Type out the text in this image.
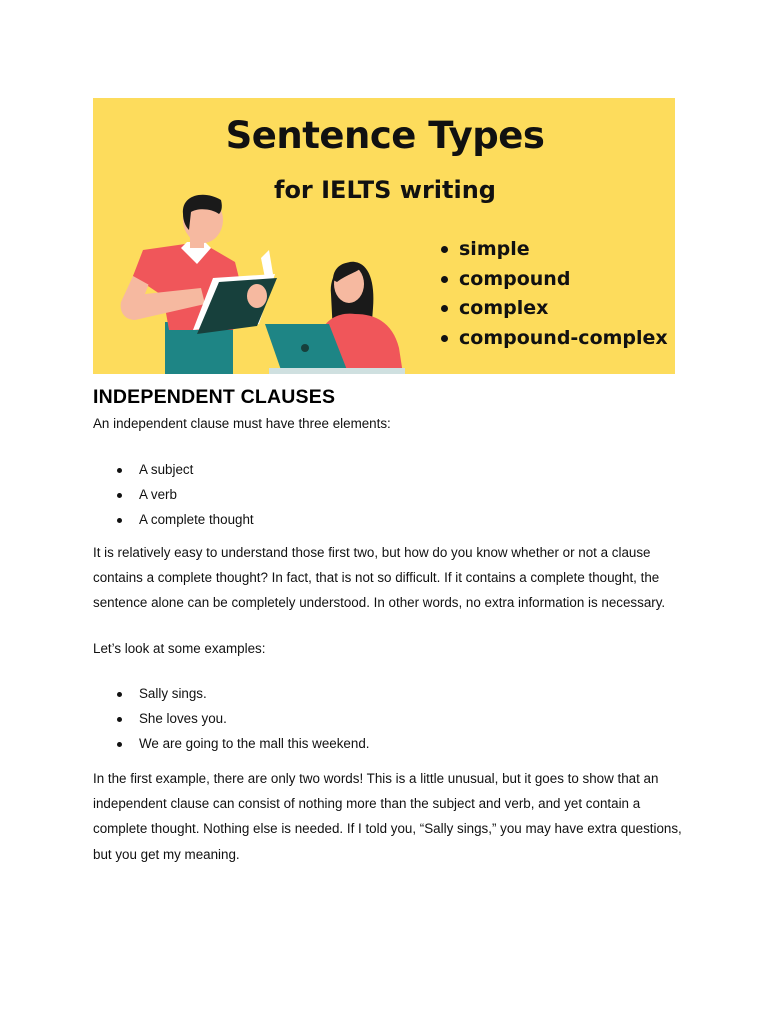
Sentence Types
for IELTS writing
simple
compound
complex
compound-complex
INDEPENDENT CLAUSES

An independent clause must have three elements:

A subject
A verb
A complete thought

It is relatively easy to understand those first two, but how do you know whether or not a clause contains a complete thought? In fact, that is not so difficult. If it contains a complete thought, the sentence alone can be completely understood. In other words, no extra information is necessary.

Let’s look at some examples:

Sally sings.
She loves you.
We are going to the mall this weekend.

In the first example, there are only two words! This is a little unusual, but it goes to show that an independent clause can consist of nothing more than the subject and verb, and yet contain a complete thought. Nothing else is needed. If I told you, “Sally sings,” you may have extra questions, but you get my meaning.
